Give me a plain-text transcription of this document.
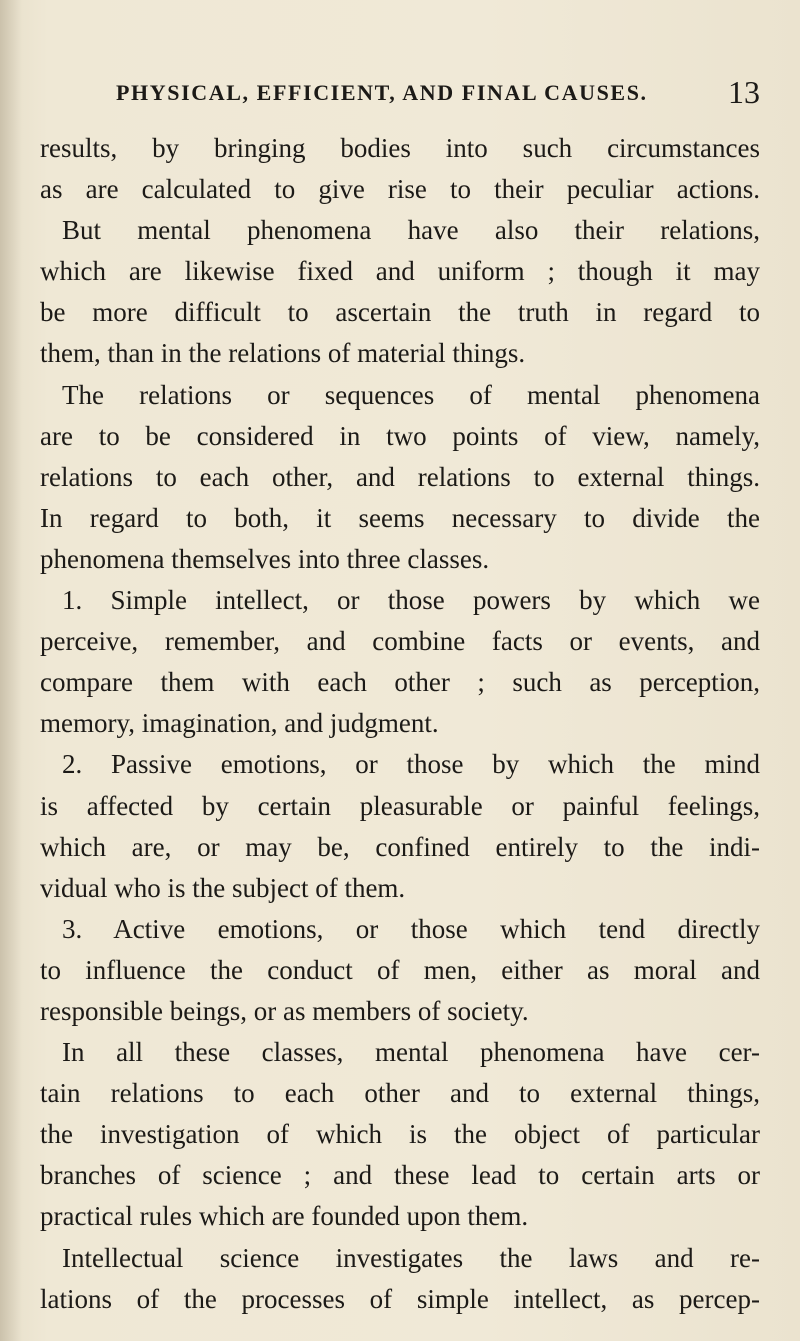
PHYSICAL, EFFICIENT, AND FINAL CAUSES.	13
results, by bringing bodies into such circumstances
as are calculated to give rise to their peculiar actions.
But mental phenomena have also their relations,
which are likewise fixed and uniform ; though it may
be more difficult to ascertain the truth in regard to
them, than in the relations of material things.
The relations or sequences of mental phenomena
are to be considered in two points of view, namely,
relations to each other, and relations to external things.
In regard to both, it seems necessary to divide the
phenomena themselves into three classes.
1. Simple intellect, or those powers by which we
perceive, remember, and combine facts or events, and
compare them with each other ; such as perception,
memory, imagination, and judgment.
2. Passive emotions, or those by which the mind
is affected by certain pleasurable or painful feelings,
which are, or may be, confined entirely to the indi-
vidual who is the subject of them.
3. Active emotions, or those which tend directly
to influence the conduct of men, either as moral and
responsible beings, or as members of society.
In all these classes, mental phenomena have cer-
tain relations to each other and to external things,
the investigation of which is the object of particular
branches of science ; and these lead to certain arts or
practical rules which are founded upon them.
Intellectual science investigates the laws and re-
lations of the processes of simple intellect, as percep-
